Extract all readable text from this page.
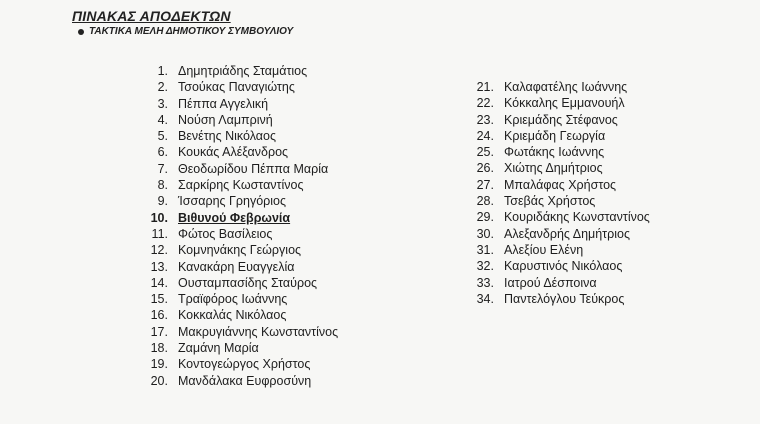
ΠΙΝΑΚΑΣ ΑΠΟΔΕΚΤΩΝ
ΤΑΚΤΙΚΑ ΜΕΛΗ ΔΗΜΟΤΙΚΟΥ ΣΥΜΒΟΥΛΙΟΥ
1. Δημητριάδης Σταμάτιος
2. Τσούκας Παναγιώτης
3. Πέππα Αγγελική
4. Νούση Λαμπρινή
5. Βενέτης Νικόλαος
6. Κουκάς Αλέξανδρος
7. Θεοδωρίδου Πέππα Μαρία
8. Σαρκίρης Κωσταντίνος
9. Ίσσαρης Γρηγόριος
10. Βιθυνού Φεβρωνία
11. Φώτος Βασίλειος
12. Κομνηνάκης Γεώργιος
13. Κανακάρη Ευαγγελία
14. Ουσταμπασίδης Σταύρος
15. Τραϊφόρος Ιωάννης
16. Κοκκαλάς Νικόλαος
17. Μακρυγιάννης Κωνσταντίνος
18. Ζαμάνη Μαρία
19. Κοντογεώργος Χρήστος
20. Μανδάλακα Ευφροσύνη
21. Καλαφατέλης Ιωάννης
22. Κόκκαλης Εμμανουήλ
23. Κριεμάδης Στέφανος
24. Κριεμάδη Γεωργία
25. Φωτάκης Ιωάννης
26. Χιώτης Δημήτριος
27. Μπαλάφας Χρήστος
28. Τσεβάς Χρήστος
29. Κουριδάκης Κωνσταντίνος
30. Αλεξανδρής Δημήτριος
31. Αλεξίου Ελένη
32. Καρυστινός Νικόλαος
33. Ιατρού Δέσποινα
34. Παντελόγλου Τεύκρος
